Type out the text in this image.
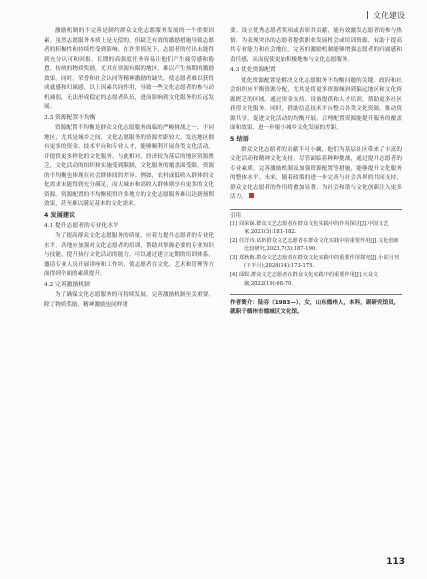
文化建设

激励机制的不完善是制约群众文化志愿服务发展的一个重要因素。虽然志愿服务本质上是无偿的，但缺乏有效的激励措施导致志愿者的积极性和持续性受到影响。在许多情况下，志愿者的付出未能得到充分认可和回报。长期的高强度任务容易让他们产生疲劳感和倦怠。传统的物质奖励，尤其在资源有限的地区，难以产生预期的激励效果。同时，荣誉和社会认同等精神激励的缺失，使志愿者难以获得成就感和归属感。以上因素共同作用，导致一些文化志愿者的参与动机减弱，无法形成稳定的志愿者队伍，进而影响到文化服务的长远发展。

3.3 资源配置不均衡

资源配置不均衡是群众文化志愿服务面临的严峻挑战之一。不同地区，尤其是城乡之间，文化志愿服务的资源差距较大。发达地区拥有更多的资金、技术平台和专业人才，能够顺利开展各类文化活动，并提供更多样化的文化服务。与此相对，经济较为落后的地区资源匮乏，文化活动的组织和实施受到限制，文化服务的覆盖面受限。资源的不均衡也体现在社会群体间的差异。例如，农村或低收入群体的文化需求未能得到充分满足，而大城市和高收入群体则享有更多的文化资源。资源配置的不均衡使得许多地方的文化志愿服务难以达到预期效果，甚至难以满足基本的文化需求。

4 发展建议

4.1 提升志愿者的专业化水平

为了提高群众文化志愿服务的质量，应着力提升志愿者的专业化水平。各地应加强对文化志愿者的培训，帮助其掌握必要的专业知识与技能，提升执行文化活动的能力。可以通过建立定期的培训体系，邀请专业人员开展讲座和工作坊，使志愿者在文化、艺术和管理等方面得到全面的素质提升。

4.2 完善激励机制

为了确保文化志愿服务的可持续发展，完善激励机制至关重要。除了物质奖励，精神激励也同样重

要。设立优秀志愿者奖项或表彰其贡献，能有效激发志愿者的参与热情。为表现突出的志愿者提供职业发展机会或培训资源，有助于提高其专业能力和社会地位。完善的激励机制能够增强志愿者的归属感和责任感，从而促使更加积极地参与文化志愿服务。

4.3 优化资源配置

优化资源配置是解决文化志愿服务不均衡问题的关键。政府和社会组织应平衡资源分配，尤其是将更多资源倾斜到偏远地区和文化资源匮乏的区域。通过资金支持、设备提供和人才培训，帮助更多社区获得文化服务。同时，借助信息技术平台整合各类文化资源，推动资源共享，促进文化活动的均衡开展。合理配置资源能提升服务的覆盖面和效果，进一步缩小城乡文化发展的差距。

5 结语

群众文化志愿者的贡献不可小觑，他们为基层社区带来了丰富的文化活动和精神文化支持。尽管面临着种种挑战，通过提升志愿者的专业素质、完善激励机制及加强资源配置等措施，能够提升文化服务的整体水平。未来，随着政策的进一步完善与社会各界的共同支持，群众文化志愿者的作用将愈加显著，为社会和谐与文化创新注入更多活力。

引用

[1] 周荣保.群众文艺志愿者在群众文化实践中的作用探讨[J].中国文艺家,2021(3):181-182.

[2] 任洋诗.试析群众文艺志愿者在群众文化实践中的重要作用[J].文化创新比较研究,2023,7(3):187-190.

[3] 郑秋梅.群众文艺志愿者在群众文化实践中的重要作用探究[J].小说月刊(下半月),2024(14):173-175.

[4] 邱娱.群众文艺志愿者在群众文化实践中的重要作用[J].大众文摘,2022(19):68-70.

作者简介：陆吞（1983—），女，山东德州人，本科，副研究馆员，就职于德州市德城区文化馆。
113
